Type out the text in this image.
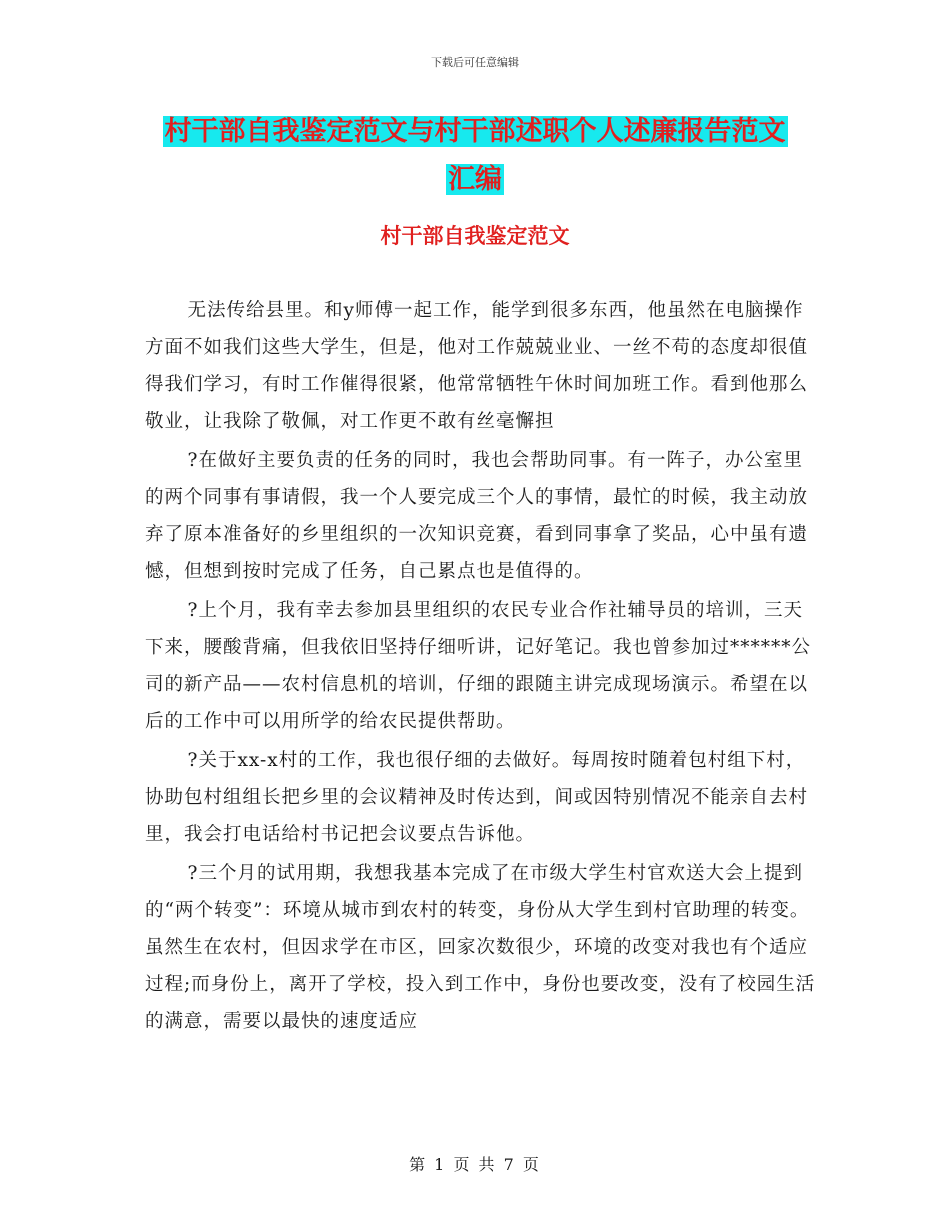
下载后可任意编辑
村干部自我鉴定范文与村干部述职个人述廉报告范文
汇编
村干部自我鉴定范文

无法传给县里。和y师傅一起工作，能学到很多东西，他虽然在电脑操作方面不如我们这些大学生，但是，他对工作兢兢业业、一丝不苟的态度却很值得我们学习，有时工作催得很紧，他常常牺牲午休时间加班工作。看到他那么敬业，让我除了敬佩，对工作更不敢有丝毫懈担

?在做好主要负责的任务的同时，我也会帮助同事。有一阵子，办公室里的两个同事有事请假，我一个人要完成三个人的事情，最忙的时候，我主动放弃了原本准备好的乡里组织的一次知识竞赛，看到同事拿了奖品，心中虽有遗憾，但想到按时完成了任务，自己累点也是值得的。

?上个月，我有幸去参加县里组织的农民专业合作社辅导员的培训，三天下来，腰酸背痛，但我依旧坚持仔细听讲，记好笔记。我也曾参加过******公司的新产品——农村信息机的培训，仔细的跟随主讲完成现场演示。希望在以后的工作中可以用所学的给农民提供帮助。

?关于xx-x村的工作，我也很仔细的去做好。每周按时随着包村组下村，协助包村组组长把乡里的会议精神及时传达到，间或因特别情况不能亲自去村里，我会打电话给村书记把会议要点告诉他。

?三个月的试用期，我想我基本完成了在市级大学生村官欢送大会上提到的“两个转变”：环境从城市到农村的转变，身份从大学生到村官助理的转变。虽然生在农村，但因求学在市区，回家次数很少，环境的改变对我也有个适应过程;而身份上，离开了学校，投入到工作中，身份也要改变，没有了校园生活的满意，需要以最快的速度适应

第 1 页 共 7 页
